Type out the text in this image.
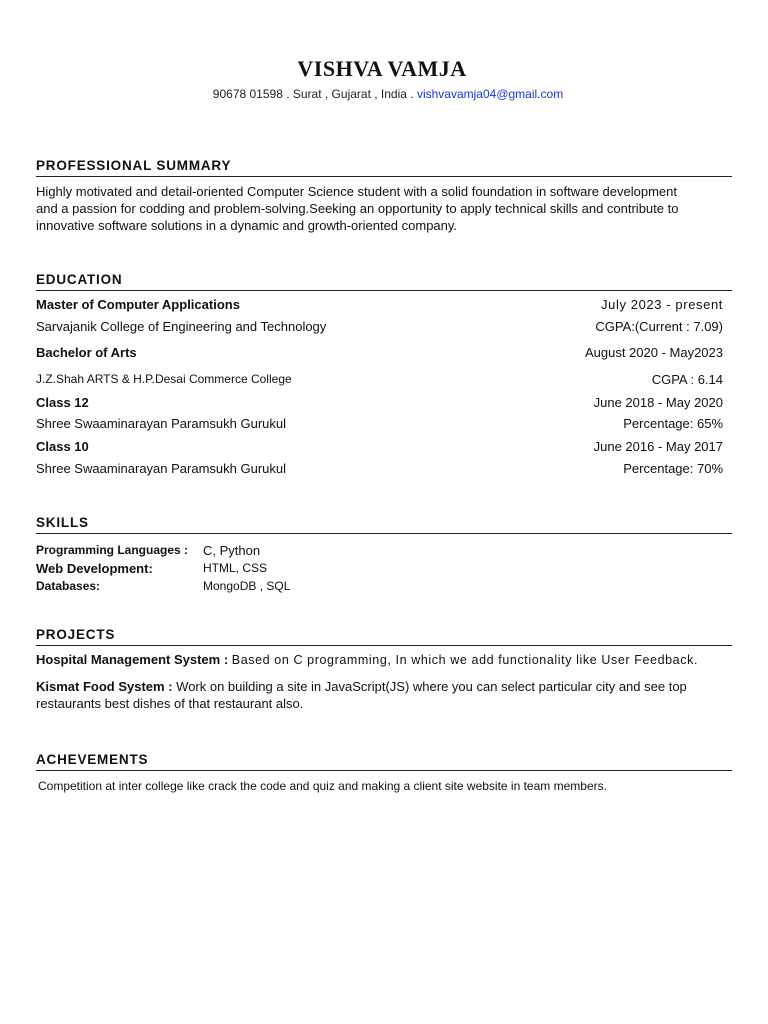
VISHVA VAMJA
90678 01598 . Surat , Gujarat , India . vishvavamja04@gmail.com
PROFESSIONAL SUMMARY
Highly motivated and detail-oriented Computer Science student with a solid foundation in software development
and a passion for codding and problem-solving.Seeking an opportunity to apply technical skills and contribute to
innovative software solutions in a dynamic and growth-oriented company.
EDUCATION
Master of Computer Applications	July 2023 - present
Sarvajanik College of Engineering and Technology	CGPA:(Current : 7.09)
Bachelor of Arts	August 2020 - May2023
J.Z.Shah ARTS & H.P.Desai Commerce College	CGPA : 6.14
Class 12	June 2018 - May 2020
Shree Swaaminarayan Paramsukh Gurukul	Percentage: 65%
Class 10	June 2016 - May 2017
Shree Swaaminarayan Paramsukh Gurukul	Percentage: 70%
SKILLS
Programming Languages : C, Python
Web Development:	HTML, CSS
Databases:	MongoDB , SQL
PROJECTS
Hospital Management System : Based on C programming, In which we add functionality like User Feedback.
Kismat Food System : Work on building a site in JavaScript(JS) where you can select particular city and see top
restaurants best dishes of that restaurant also.
ACHEVEMENTS
Competition at inter college like crack the code and quiz and making a client site website in team members.
